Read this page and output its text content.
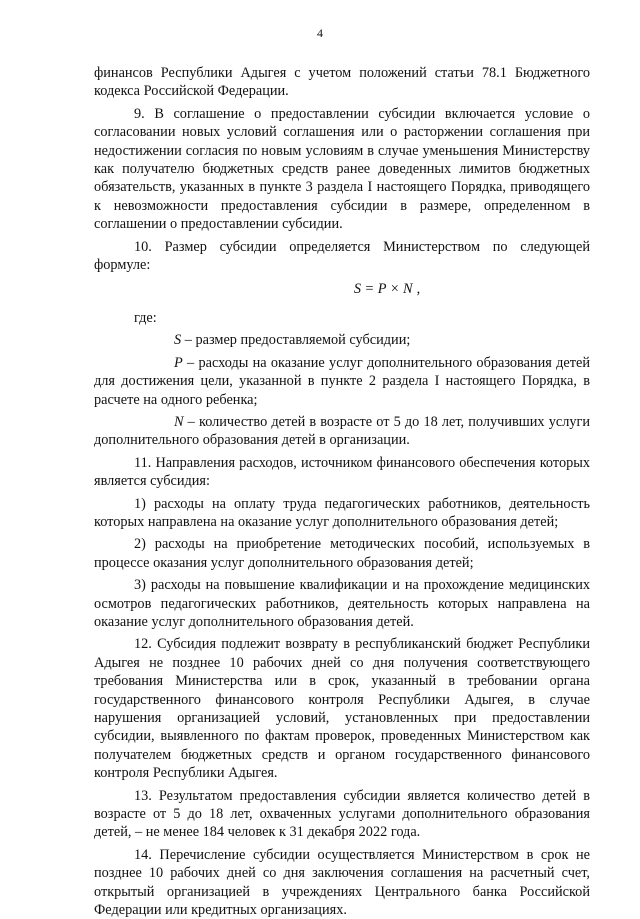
4

финансов Республики Адыгея с учетом положений статьи 78.1 Бюджетного кодекса Российской Федерации.

9. В соглашение о предоставлении субсидии включается условие о согласовании новых условий соглашения или о расторжении соглашения при недостижении согласия по новым условиям в случае уменьшения Министерству как получателю бюджетных средств ранее доведенных лимитов бюджетных обязательств, указанных в пункте 3 раздела I настоящего Порядка, приводящего к невозможности предоставления субсидии в размере, определенном в соглашении о предоставлении субсидии.

10. Размер субсидии определяется Министерством по следующей формуле:

S = P × N ,

где:

S – размер предоставляемой субсидии;

P – расходы на оказание услуг дополнительного образования детей для достижения цели, указанной в пункте 2 раздела I настоящего Порядка, в расчете на одного ребенка;

N – количество детей в возрасте от 5 до 18 лет, получивших услуги дополнительного образования детей в организации.

11. Направления расходов, источником финансового обеспечения которых является субсидия:

1) расходы на оплату труда педагогических работников, деятельность которых направлена на оказание услуг дополнительного образования детей;

2) расходы на приобретение методических пособий, используемых в процессе оказания услуг дополнительного образования детей;

3) расходы на повышение квалификации и на прохождение медицинских осмотров педагогических работников, деятельность которых направлена на оказание услуг дополнительного образования детей.

12. Субсидия подлежит возврату в республиканский бюджет Республики Адыгея не позднее 10 рабочих дней со дня получения соответствующего требования Министерства или в срок, указанный в требовании органа государственного финансового контроля Республики Адыгея, в случае нарушения организацией условий, установленных при предоставлении субсидии, выявленного по фактам проверок, проведенных Министерством как получателем бюджетных средств и органом государственного финансового контроля Республики Адыгея.

13. Результатом предоставления субсидии является количество детей в возрасте от 5 до 18 лет, охваченных услугами дополнительного образования детей, – не менее 184 человек к 31 декабря 2022 года.

14. Перечисление субсидии осуществляется Министерством в срок не позднее 10 рабочих дней со дня заключения соглашения на расчетный счет, открытый организацией в учреждениях Центрального банка Российской Федерации или кредитных организациях.
